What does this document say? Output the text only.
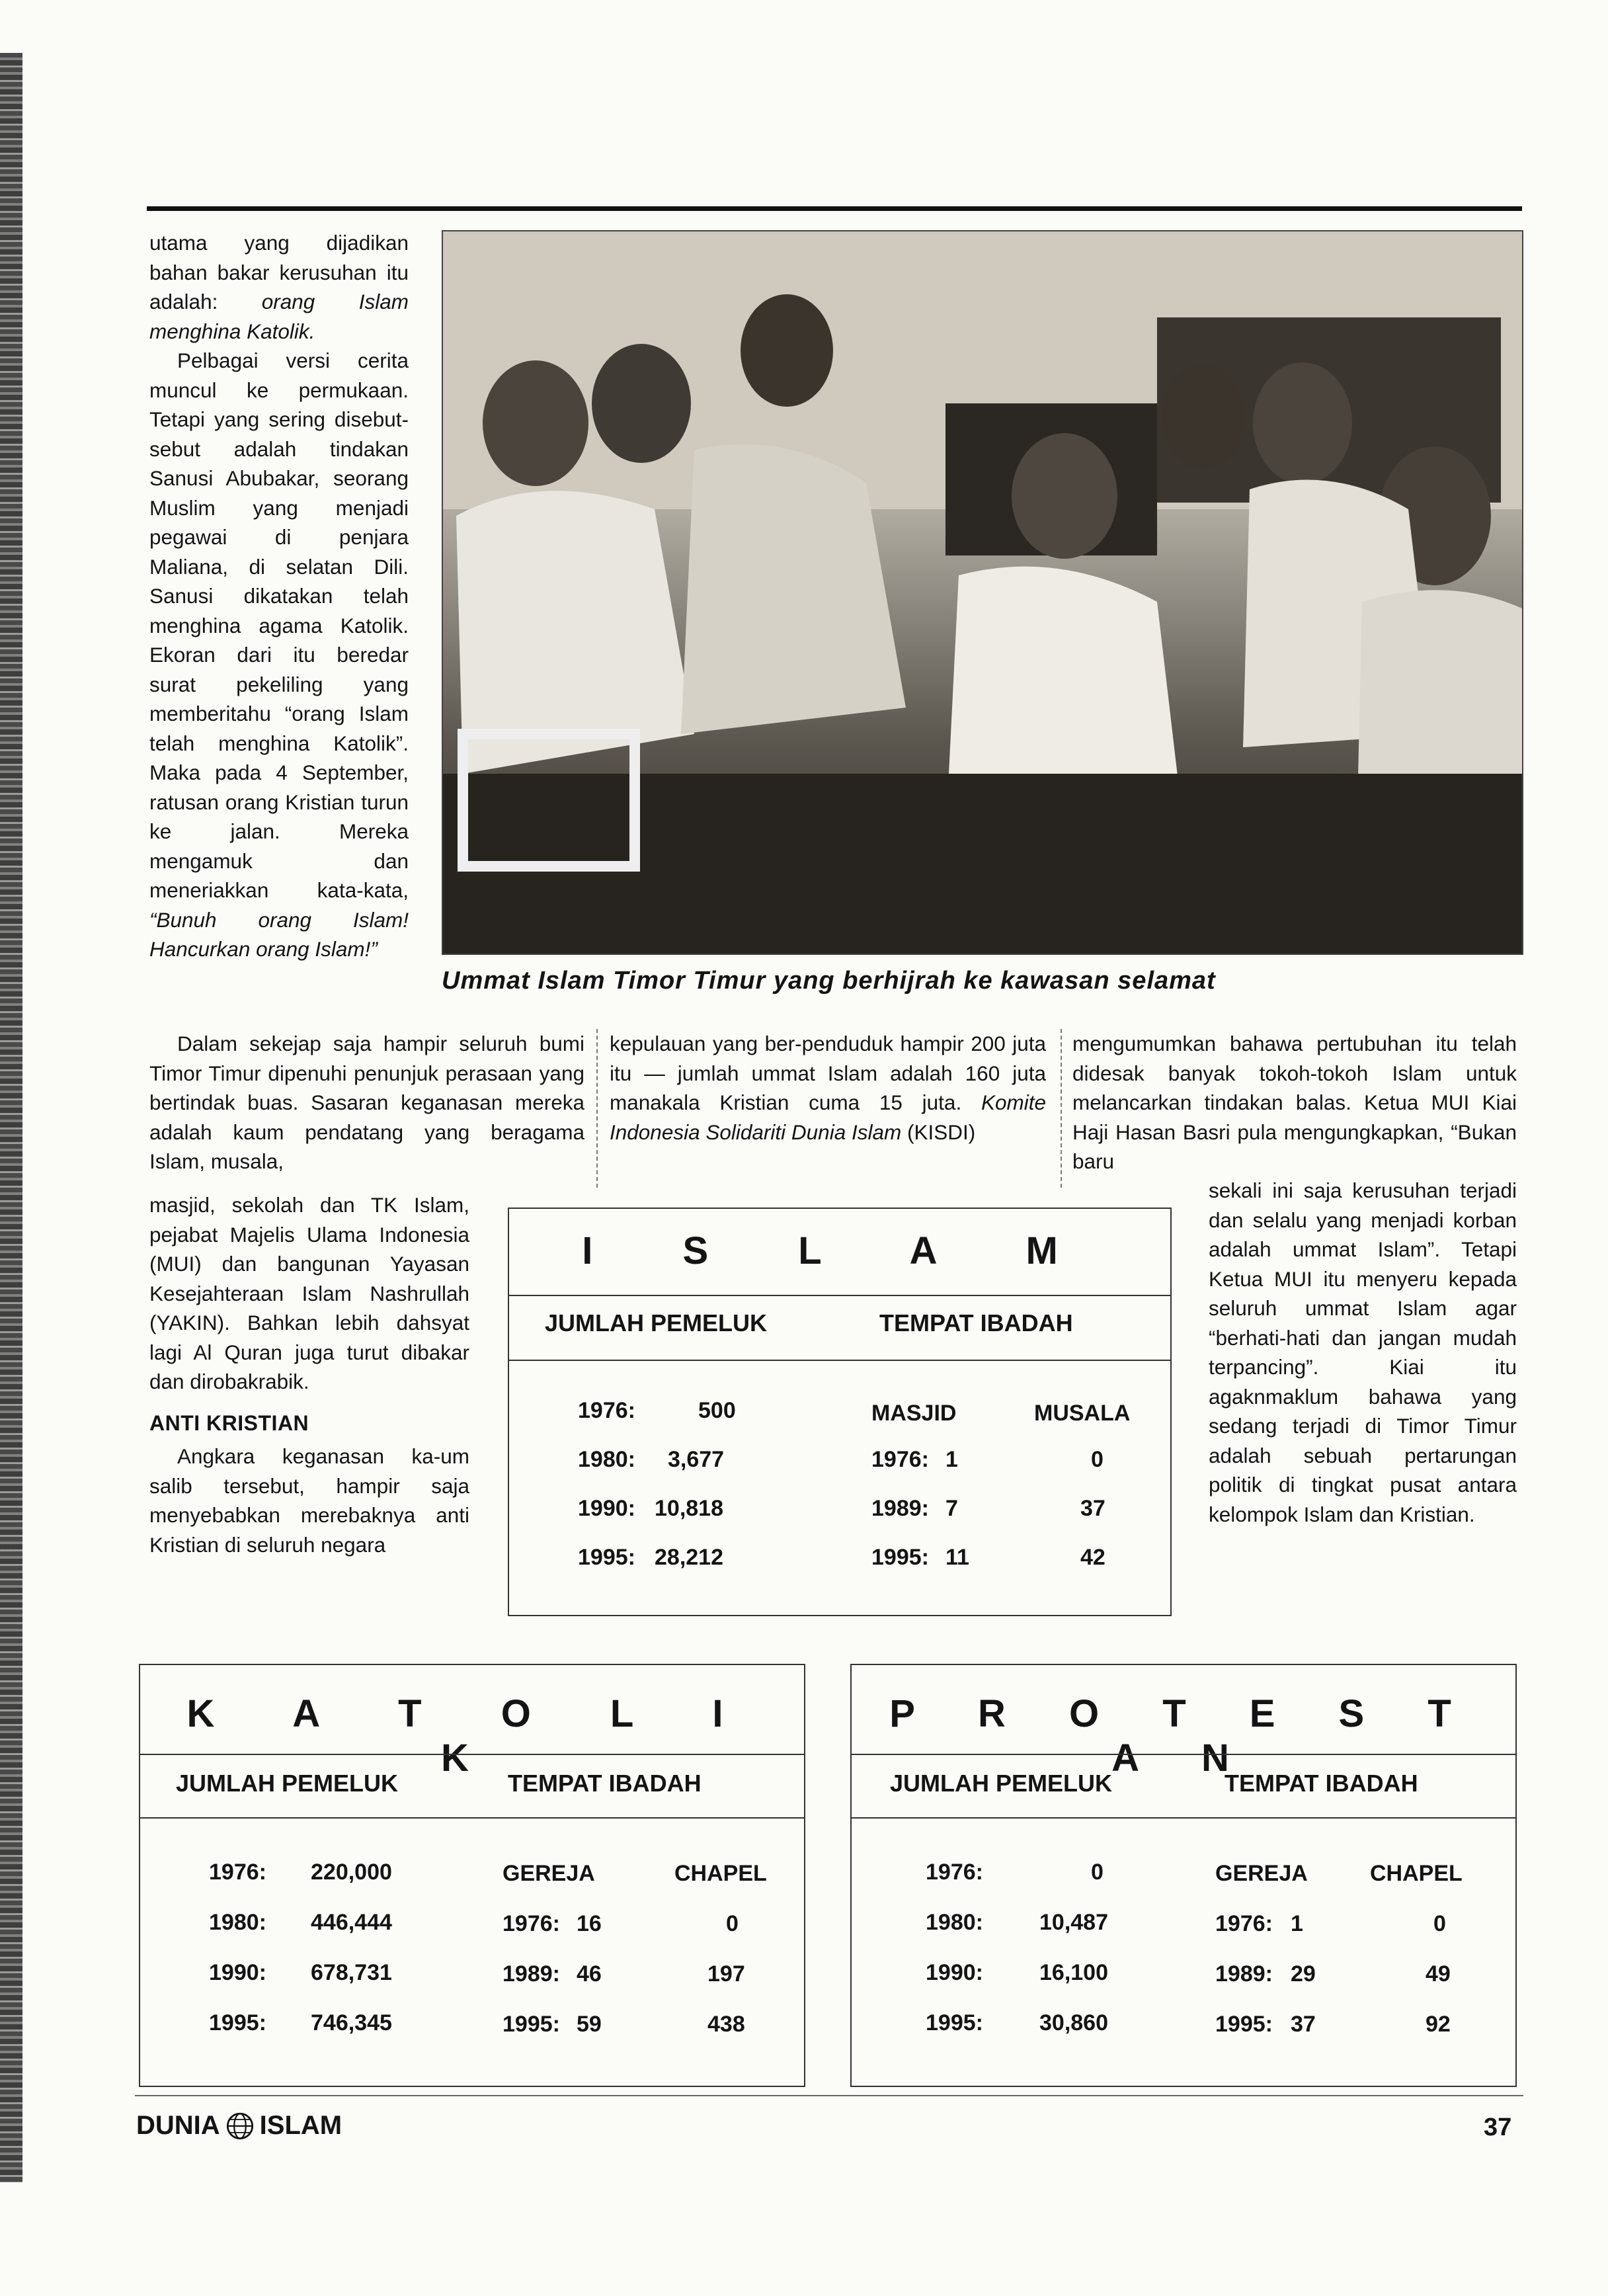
utama yang dijadikan bahan bakar kerusuhan itu adalah: orang Islam menghina Katolik.

Pelbagai versi cerita muncul ke permukaan. Tetapi yang sering disebut-sebut adalah tindakan Sanusi Abubakar, seorang Muslim yang menjadi pegawai di penjara Maliana, di selatan Dili. Sanusi dikatakan telah menghina agama Katolik. Ekoran dari itu beredar surat pekeliling yang memberitahu “orang Islam telah menghina Katolik”. Maka pada 4 September, ratusan orang Kristian turun ke jalan. Mereka mengamuk dan meneriakkan kata-kata, “Bunuh orang Islam! Hancurkan orang Islam!”

Ummat Islam Timor Timur yang berhijrah ke kawasan selamat

Dalam sekejap saja hampir seluruh bumi Timor Timur dipenuhi penunjuk perasaan yang bertindak buas. Sasaran keganasan mereka adalah kaum pendatang yang beragama Islam, musala,

masjid, sekolah dan TK Islam, pejabat Majelis Ulama Indonesia (MUI) dan bangunan Yayasan Kesejahteraan Islam Nashrullah (YAKIN). Bahkan lebih dahsyat lagi Al Quran juga turut dibakar dan dirobakrabik.

ANTI KRISTIAN

Angkara keganasan ka-um salib tersebut, hampir saja menyebabkan merebaknya anti Kristian di seluruh negara

kepulauan yang ber-penduduk hampir 200 juta itu — jumlah ummat Islam adalah 160 juta manakala Kristian cuma 15 juta. Komite Indonesia Solidariti Dunia Islam (KISDI)

mengumumkan bahawa pertubuhan itu telah didesak banyak tokoh-tokoh Islam untuk melancarkan tindakan balas. Ketua MUI Kiai Haji Hasan Basri pula mengungkapkan, “Bukan baru

sekali ini saja kerusuhan terjadi dan selalu yang menjadi korban adalah ummat Islam”. Tetapi Ketua MUI itu menyeru kepada seluruh ummat Islam agar “berhati-hati dan jangan mudah terpancing”. Kiai itu agaknmaklum bahawa yang sedang terjadi di Timor Timur adalah sebuah pertarungan politik di tingkat pusat antara kelompok Islam dan Kristian.

I S L A M
JUMLAH PEMELUK	TEMPAT IBADAH
MASJID	MUSALA
1976:	500
1980: 3,677	1976: 1	0
1990: 10,818	1989: 7	37
1995: 28,212	1995: 11	42
K A T O L I K
JUMLAH PEMELUK	TEMPAT IBADAH
GEREJA	CHAPEL
1976: 220,000
1980: 446,444	1976: 16	0
1990: 678,731	1989: 46	197
1995: 746,345	1995: 59	438
P R O T E S T A N
JUMLAH PEMELUK	TEMPAT IBADAH
GEREJA	CHAPEL
1976:	0
1980:	10,487	1976: 1	0
1990:	16,100	1989: 29	49
1995:	30,860	1995: 37	92
DUNIA ISLAM	37
